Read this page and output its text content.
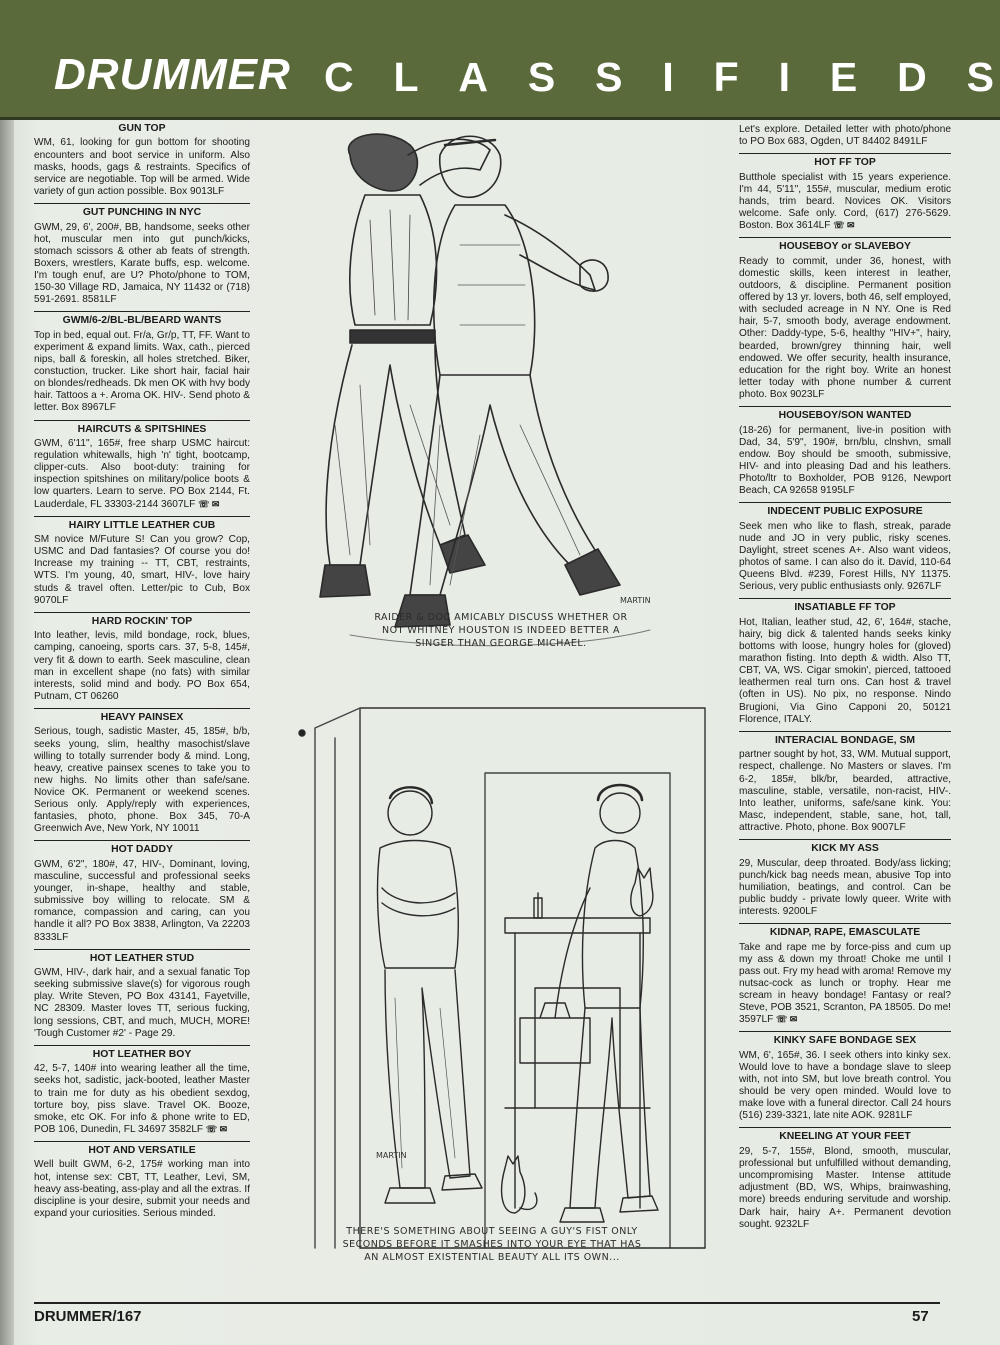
DRUMMER C L A S S I F I E D S
GUN TOP
WM, 61, looking for gun bottom for shooting encounters and boot service in uniform. Also masks, hoods, gags & restraints. Specifics of service are negotiable. Top will be armed. Wide variety of gun action possible. Box 9013LF
GUT PUNCHING IN NYC
GWM, 29, 6', 200#, BB, handsome, seeks other hot, muscular men into gut punch/kicks, stomach scissors & other ab feats of strength. Boxers, wrestlers, Karate buffs, esp. welcome. I'm tough enuf, are U? Photo/phone to TOM, 150-30 Village RD, Jamaica, NY 11432 or (718) 591-2691. 8581LF
GWM/6-2/BL-BL/BEARD WANTS
Top in bed, equal out. Fr/a, Gr/p, TT, FF. Want to experiment & expand limits. Wax, cath., pierced nips, ball & foreskin, all holes stretched. Biker, constuction, trucker. Like short hair, facial hair on blondes/redheads. Dk men OK with hvy body hair. Tattoos a +. Aroma OK. HIV-. Send photo & letter. Box 8967LF
HAIRCUTS & SPITSHINES
GWM, 6'11", 165#, free sharp USMC haircut: regulation whitewalls, high 'n' tight, bootcamp, clipper-cuts. Also boot-duty: training for inspection spitshines on military/police boots & low quarters. Learn to serve. PO Box 2144, Ft. Lauderdale, FL 33303-2144 3607LF ☏ ✉
HAIRY LITTLE LEATHER CUB
SM novice M/Future S! Can you grow? Cop, USMC and Dad fantasies? Of course you do! Increase my training -- TT, CBT, restraints, WTS. I'm young, 40, smart, HIV-, love hairy studs & travel often. Letter/pic to Cub, Box 9070LF
HARD ROCKIN' TOP
Into leather, levis, mild bondage, rock, blues, camping, canoeing, sports cars. 37, 5-8, 145#, very fit & down to earth. Seek masculine, clean man in excellent shape (no fats) with similar interests, solid mind and body. PO Box 654, Putnam, CT 06260
HEAVY PAINSEX
Serious, tough, sadistic Master, 45, 185#, b/b, seeks young, slim, healthy masochist/slave willing to totally surrender body & mind. Long, heavy, creative painsex scenes to take you to new highs. No limits other than safe/sane. Novice OK. Permanent or weekend scenes. Serious only. Apply/reply with experiences, fantasies, photo, phone. Box 345, 70-A Greenwich Ave, New York, NY 10011
HOT DADDY
GWM, 6'2", 180#, 47, HIV-, Dominant, loving, masculine, successful and professional seeks younger, in-shape, healthy and stable, submissive boy willing to relocate. SM & romance, compassion and caring, can you handle it all? PO Box 3838, Arlington, Va 22203 8333LF
HOT LEATHER STUD
GWM, HIV-, dark hair, and a sexual fanatic Top seeking submissive slave(s) for vigorous rough play. Write Steven, PO Box 43141, Fayetville, NC 28309. Master loves TT, serious fucking, long sessions, CBT, and much, MUCH, MORE! 'Tough Customer #2' - Page 29.
HOT LEATHER BOY
42, 5-7, 140# into wearing leather all the time, seeks hot, sadistic, jack-booted, leather Master to train me for duty as his obedient sexdog, torture boy, piss slave. Travel OK. Booze, smoke, etc OK. For info & phone write to ED, POB 106, Dunedin, FL 34697 3582LF ☏ ✉
HOT AND VERSATILE
Well built GWM, 6-2, 175# working man into hot, intense sex: CBT, TT, Leather, Levi, SM, heavy ass-beating, ass-play and all the extras. If discipline is your desire, submit your needs and expand your curiosities. Serious minded.
Let's explore. Detailed letter with photo/phone to PO Box 683, Ogden, UT 84402 8491LF
HOT FF TOP
Butthole specialist with 15 years experience. I'm 44, 5'11", 155#, muscular, medium erotic hands, trim beard. Novices OK. Visitors welcome. Safe only. Cord, (617) 276-5629. Boston. Box 3614LF ☏ ✉
HOUSEBOY or SLAVEBOY
Ready to commit, under 36, honest, with domestic skills, keen interest in leather, outdoors, & discipline. Permanent position offered by 13 yr. lovers, both 46, self employed, with secluded acreage in N NY. One is Red hair, 5-7, smooth body, average endowment. Other: Daddy-type, 5-6, healthy "HIV+", hairy, bearded, brown/grey thinning hair, well endowed. We offer security, health insurance, education for the right boy. Write an honest letter today with phone number & current photo. Box 9023LF
HOUSEBOY/SON WANTED
(18-26) for permanent, live-in position with Dad, 34, 5'9", 190#, brn/blu, clnshvn, small endow. Boy should be smooth, submissive, HIV- and into pleasing Dad and his leathers. Photo/ltr to Boxholder, POB 9126, Newport Beach, CA 92658 9195LF
INDECENT PUBLIC EXPOSURE
Seek men who like to flash, streak, parade nude and JO in very public, risky scenes. Daylight, street scenes A+. Also want videos, photos of same. I can also do it. David, 110-64 Queens Blvd. #239, Forest Hills, NY 11375. Serious, very public enthusiasts only. 9267LF
INSATIABLE FF TOP
Hot, Italian, leather stud, 42, 6', 164#, stache, hairy, big dick & talented hands seeks kinky bottoms with loose, hungry holes for (gloved) marathon fisting. Into depth & width. Also TT, CBT, VA, WS. Cigar smokin', pierced, tattooed leathermen real turn ons. Can host & travel (often in US). No pix, no response. Nindo Brugioni, Via Gino Capponi 20, 50121 Florence, ITALY.
INTERACIAL BONDAGE, SM
partner sought by hot, 33, WM. Mutual support, respect, challenge. No Masters or slaves. I'm 6-2, 185#, blk/br, bearded, attractive, masculine, stable, versatile, non-racist, HIV-. Into leather, uniforms, safe/sane kink. You: Masc, independent, stable, sane, hot, tall, attractive. Photo, phone. Box 9007LF
KICK MY ASS
29, Muscular, deep throated. Body/ass licking; punch/kick bag needs mean, abusive Top into humiliation, beatings, and control. Can be public buddy - private lowly queer. Write with interests. 9200LF
KIDNAP, RAPE, EMASCULATE
Take and rape me by force-piss and cum up my ass & down my throat! Choke me until I pass out. Fry my head with aroma! Remove my nutsac-cock as lunch or trophy. Hear me scream in heavy bondage! Fantasy or real? Steve, POB 3521, Scranton, PA 18505. Do me! 3597LF ☏ ✉
KINKY SAFE BONDAGE SEX
WM, 6', 165#, 36. I seek others into kinky sex. Would love to have a bondage slave to sleep with, not into SM, but love breath control. You should be very open minded. Would love to make love with a funeral director. Call 24 hours (516) 239-3321, late nite AOK. 9281LF
KNEELING AT YOUR FEET
29, 5-7, 155#, Blond, smooth, muscular, professional but unfulfilled without demanding, uncompromising Master. Intense attitude adjustment (BD, WS, Whips, brainwashing, more) breeds enduring servitude and worship. Dark hair, hairy A+. Permanent devotion sought. 9232LF
MARTIN
RAIDER & DOC AMICABLY DISCUSS WHETHER OR NOT WHITNEY HOUSTON IS INDEED BETTER A SINGER THAN GEORGE MICHAEL.
MARTIN
THERE'S SOMETHING ABOUT SEEING A GUY'S FIST ONLY SECONDS BEFORE IT SMASHES INTO YOUR EYE THAT HAS AN ALMOST EXISTENTIAL BEAUTY ALL ITS OWN...
DRUMMER/167	57
